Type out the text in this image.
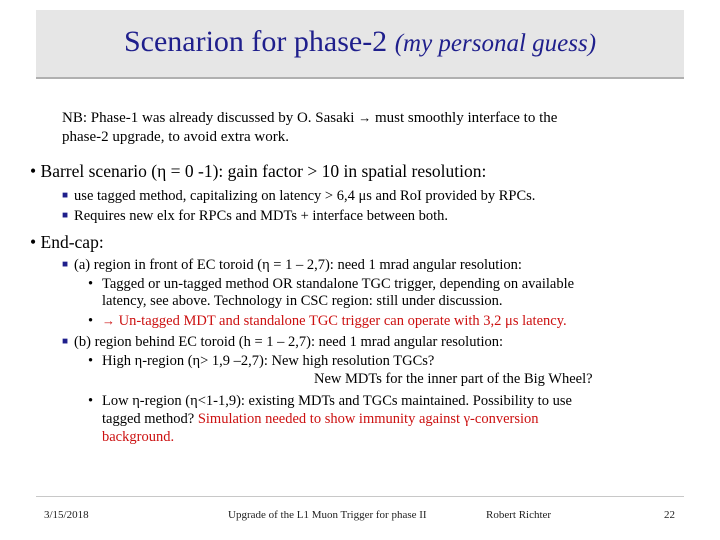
Scenarion for phase-2 (my personal guess)
NB: Phase-1 was already discussed by O. Sasaki → must smoothly interface to the
phase-2 upgrade, to avoid extra work.
• Barrel scenario (η = 0 -1): gain factor > 10 in spatial resolution:
■ use tagged method, capitalizing on latency > 6,4 μs and RoI provided by RPCs.
■ Requires new elx for RPCs and MDTs + interface between both.
• End-cap:
■ (a) region in front of EC toroid (η = 1 – 2,7): need 1 mrad angular resolution:
• Tagged or un-tagged method OR standalone TGC trigger, depending on available
latency, see above. Technology in CSC region: still under discussion.
• → Un-tagged MDT and standalone TGC trigger can operate with 3,2 μs latency.
■ (b) region behind EC toroid (h = 1 – 2,7): need 1 mrad angular resolution:
• High η-region (η> 1,9 –2,7): New high resolution TGCs?
New MDTs for the inner part of the Big Wheel?
• Low η-region (η<1-1,9): existing MDTs and TGCs maintained. Possibility to use
tagged method? Simulation needed to show immunity against γ-conversion
background.
3/15/2018	Upgrade of the L1 Muon Trigger for phase II	Robert Richter	22
